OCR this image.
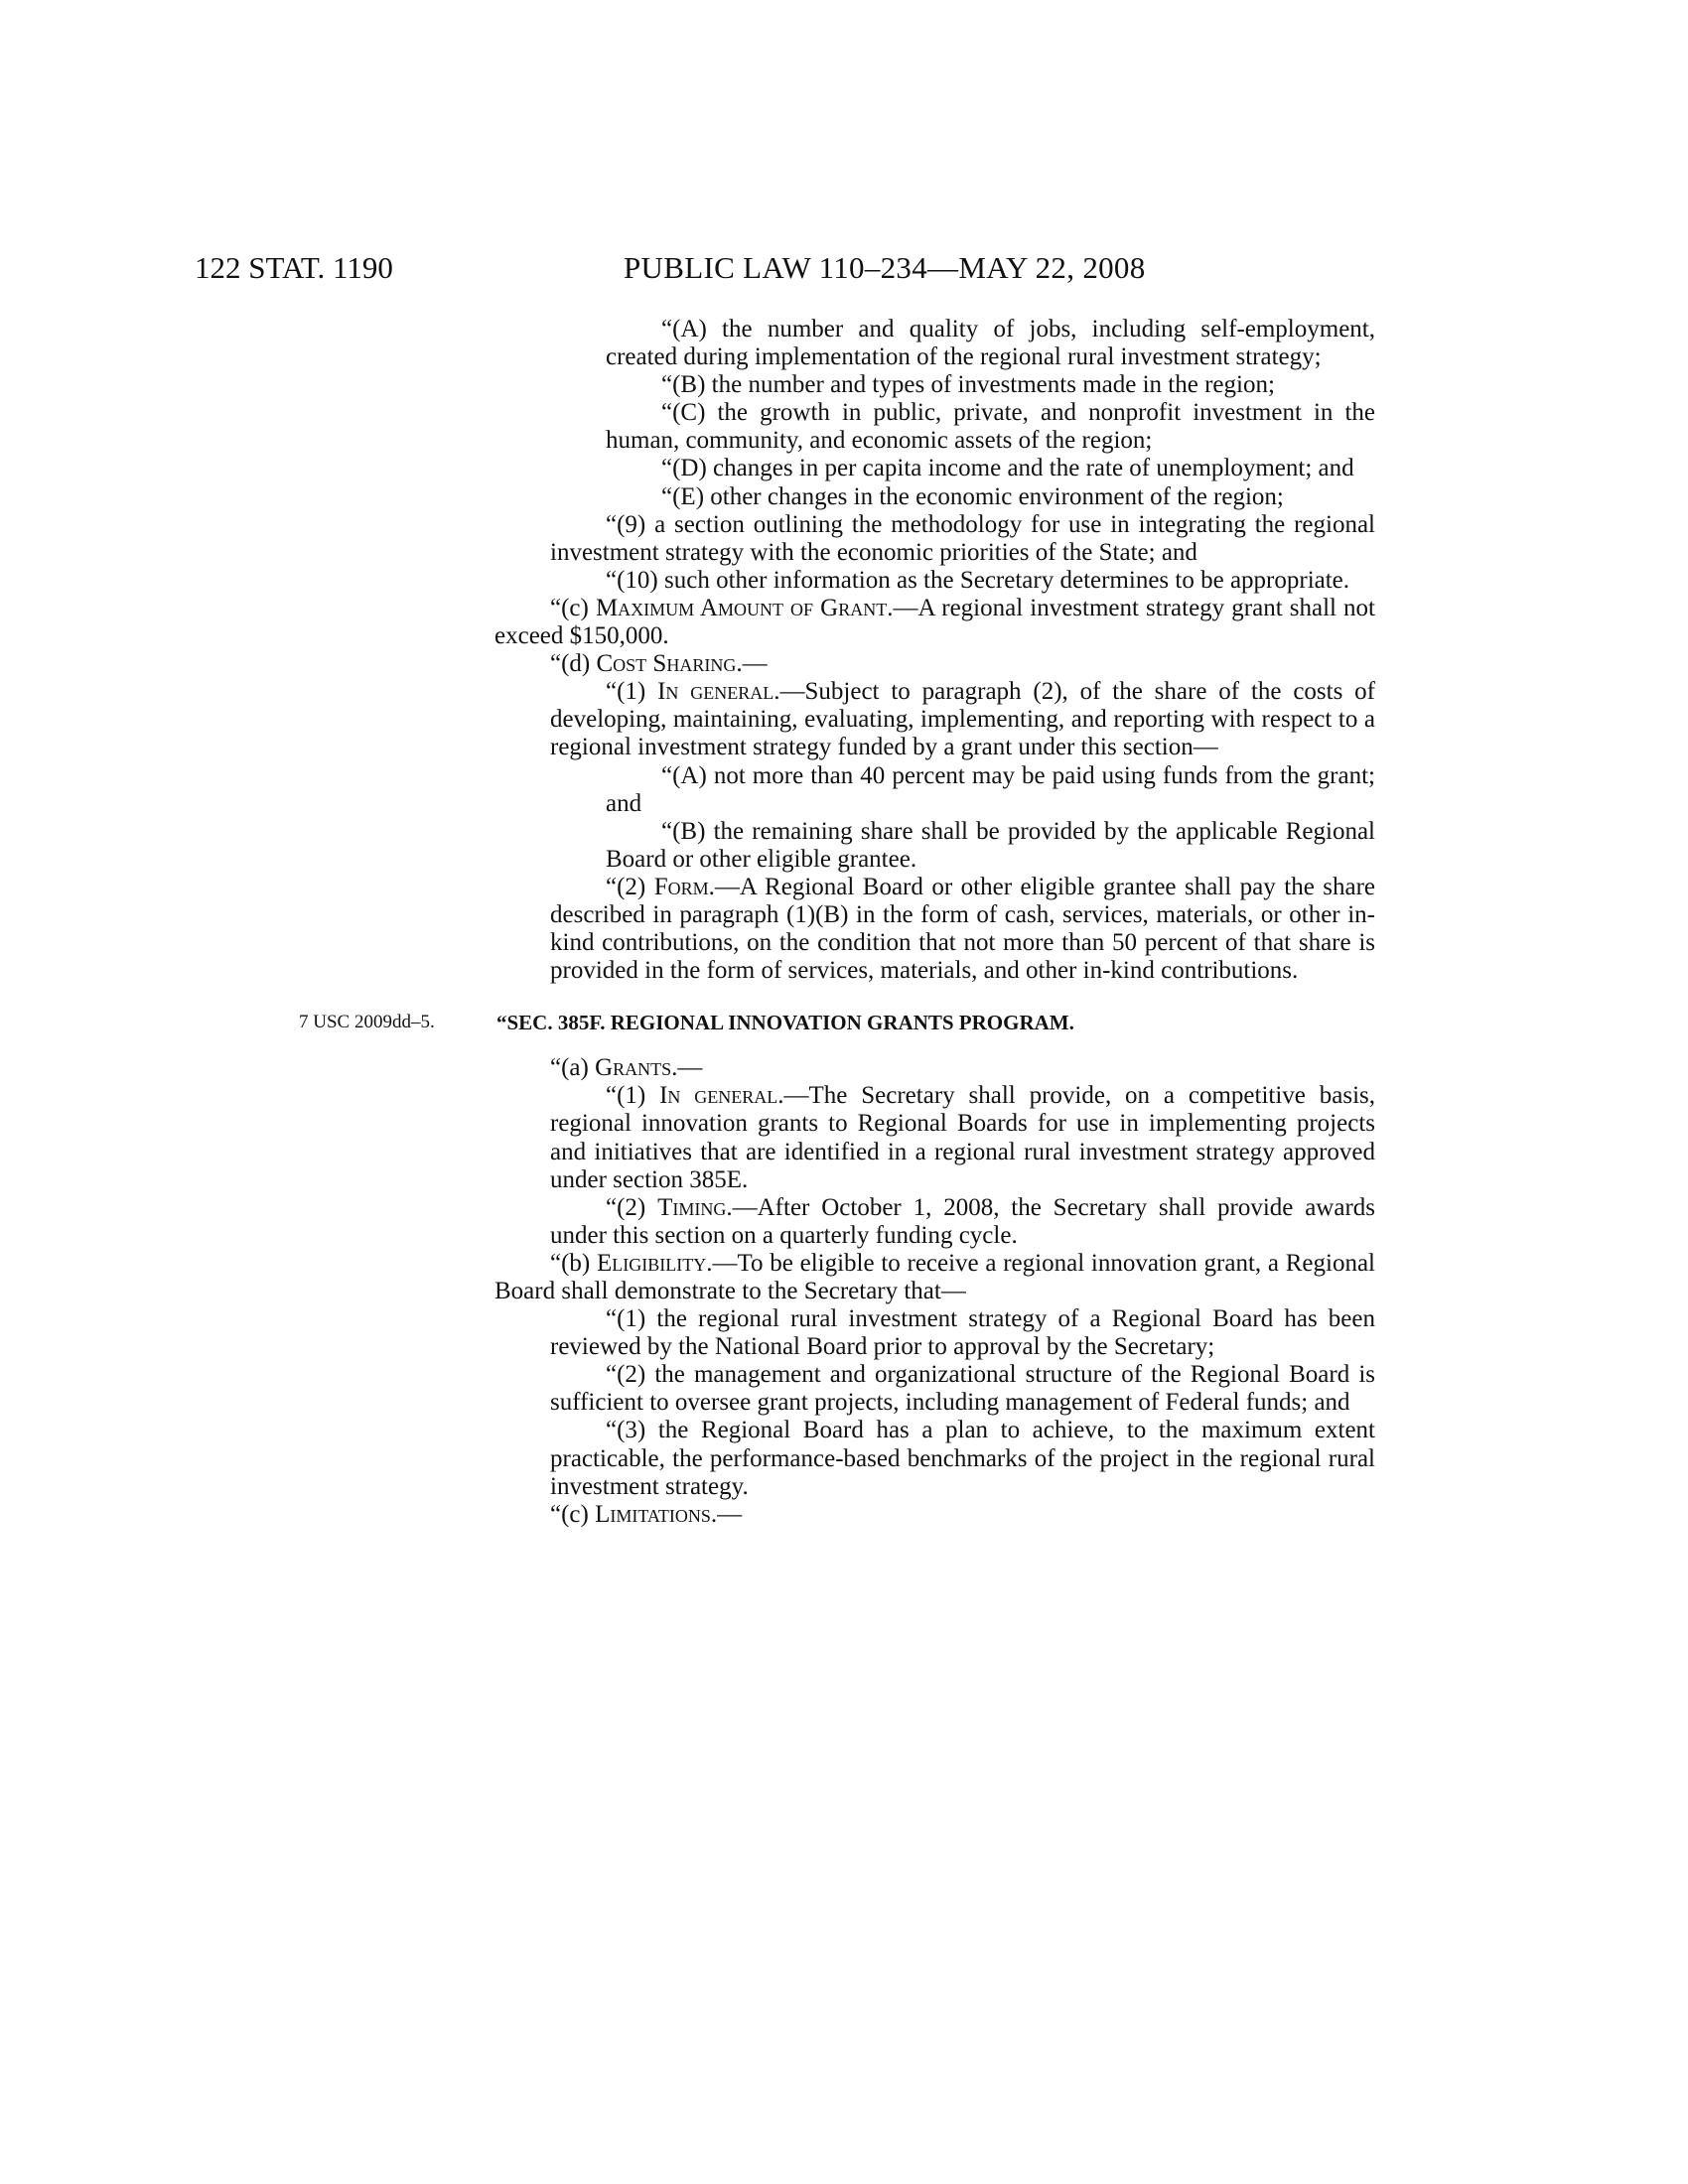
122 STAT. 1190	PUBLIC LAW 110–234—MAY 22, 2008

“(A) the number and quality of jobs, including self-employment, created during implementation of the regional rural investment strategy;

“(B) the number and types of investments made in the region;

“(C) the growth in public, private, and nonprofit investment in the human, community, and economic assets of the region;

“(D) changes in per capita income and the rate of unemployment; and

“(E) other changes in the economic environment of the region;

“(9) a section outlining the methodology for use in integrating the regional investment strategy with the economic priorities of the State; and

“(10) such other information as the Secretary determines to be appropriate.

“(c) Maximum Amount of Grant.—A regional investment strategy grant shall not exceed $150,000.

“(d) Cost Sharing.—

“(1) In general.—Subject to paragraph (2), of the share of the costs of developing, maintaining, evaluating, implementing, and reporting with respect to a regional investment strategy funded by a grant under this section—

“(A) not more than 40 percent may be paid using funds from the grant; and

“(B) the remaining share shall be provided by the applicable Regional Board or other eligible grantee.

“(2) Form.—A Regional Board or other eligible grantee shall pay the share described in paragraph (1)(B) in the form of cash, services, materials, or other in-kind contributions, on the condition that not more than 50 percent of that share is provided in the form of services, materials, and other in-kind contributions.

7 USC 2009dd–5.	“SEC. 385F. REGIONAL INNOVATION GRANTS PROGRAM.

“(a) Grants.—

“(1) In general.—The Secretary shall provide, on a competitive basis, regional innovation grants to Regional Boards for use in implementing projects and initiatives that are identified in a regional rural investment strategy approved under section 385E.

“(2) Timing.—After October 1, 2008, the Secretary shall provide awards under this section on a quarterly funding cycle.

“(b) Eligibility.—To be eligible to receive a regional innovation grant, a Regional Board shall demonstrate to the Secretary that—

“(1) the regional rural investment strategy of a Regional Board has been reviewed by the National Board prior to approval by the Secretary;

“(2) the management and organizational structure of the Regional Board is sufficient to oversee grant projects, including management of Federal funds; and

“(3) the Regional Board has a plan to achieve, to the maximum extent practicable, the performance-based benchmarks of the project in the regional rural investment strategy.

“(c) Limitations.—
